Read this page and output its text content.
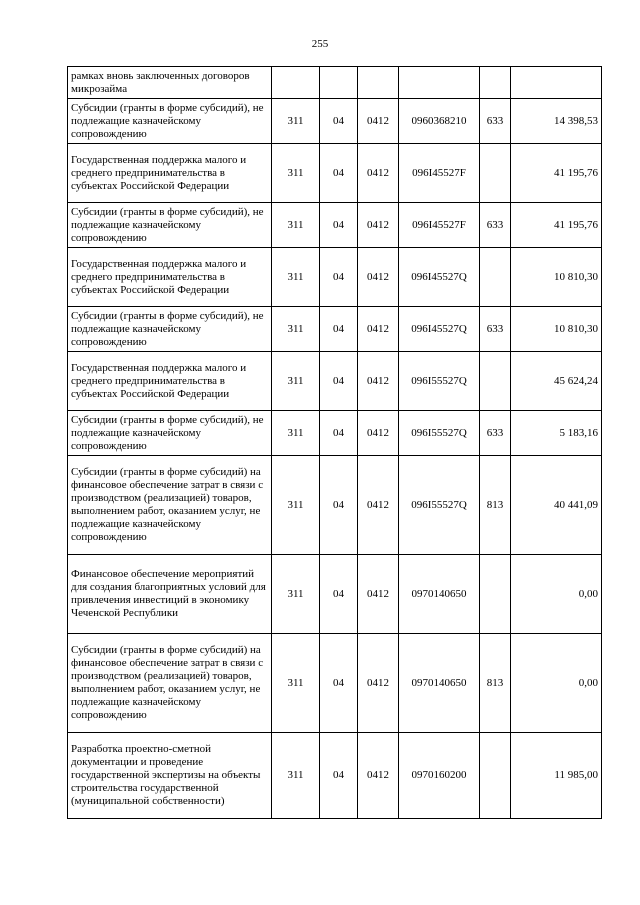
255
рамках вновь заключенных договоров микрозайма						
Субсидии (гранты в форме субсидий), не подлежащие казначейскому сопровождению	311	04	0412	0960368210	633	14 398,53
Государственная поддержка малого и среднего предпринимательства в субъектах Российской Федерации	311	04	0412	096I45527F		41 195,76
Субсидии (гранты в форме субсидий), не подлежащие казначейскому сопровождению	311	04	0412	096I45527F	633	41 195,76
Государственная поддержка малого и среднего предпринимательства в субъектах Российской Федерации	311	04	0412	096I45527Q		10 810,30
Субсидии (гранты в форме субсидий), не подлежащие казначейскому сопровождению	311	04	0412	096I45527Q	633	10 810,30
Государственная поддержка малого и среднего предпринимательства в субъектах Российской Федерации	311	04	0412	096I55527Q		45 624,24
Субсидии (гранты в форме субсидий), не подлежащие казначейскому сопровождению	311	04	0412	096I55527Q	633	5 183,16
Субсидии (гранты в форме субсидий) на финансовое обеспечение затрат в связи с производством (реализацией) товаров, выполнением работ, оказанием услуг, не подлежащие казначейскому сопровождению	311	04	0412	096I55527Q	813	40 441,09
Финансовое обеспечение мероприятий для создания благоприятных условий для привлечения инвестиций в экономику Чеченской Республики	311	04	0412	0970140650		0,00
Субсидии (гранты в форме субсидий) на финансовое обеспечение затрат в связи с производством (реализацией) товаров, выполнением работ, оказанием услуг, не подлежащие казначейскому сопровождению	311	04	0412	0970140650	813	0,00
Разработка проектно-сметной документации и проведение государственной экспертизы на объекты строительства государственной (муниципальной собственности)	311	04	0412	0970160200		11 985,00
